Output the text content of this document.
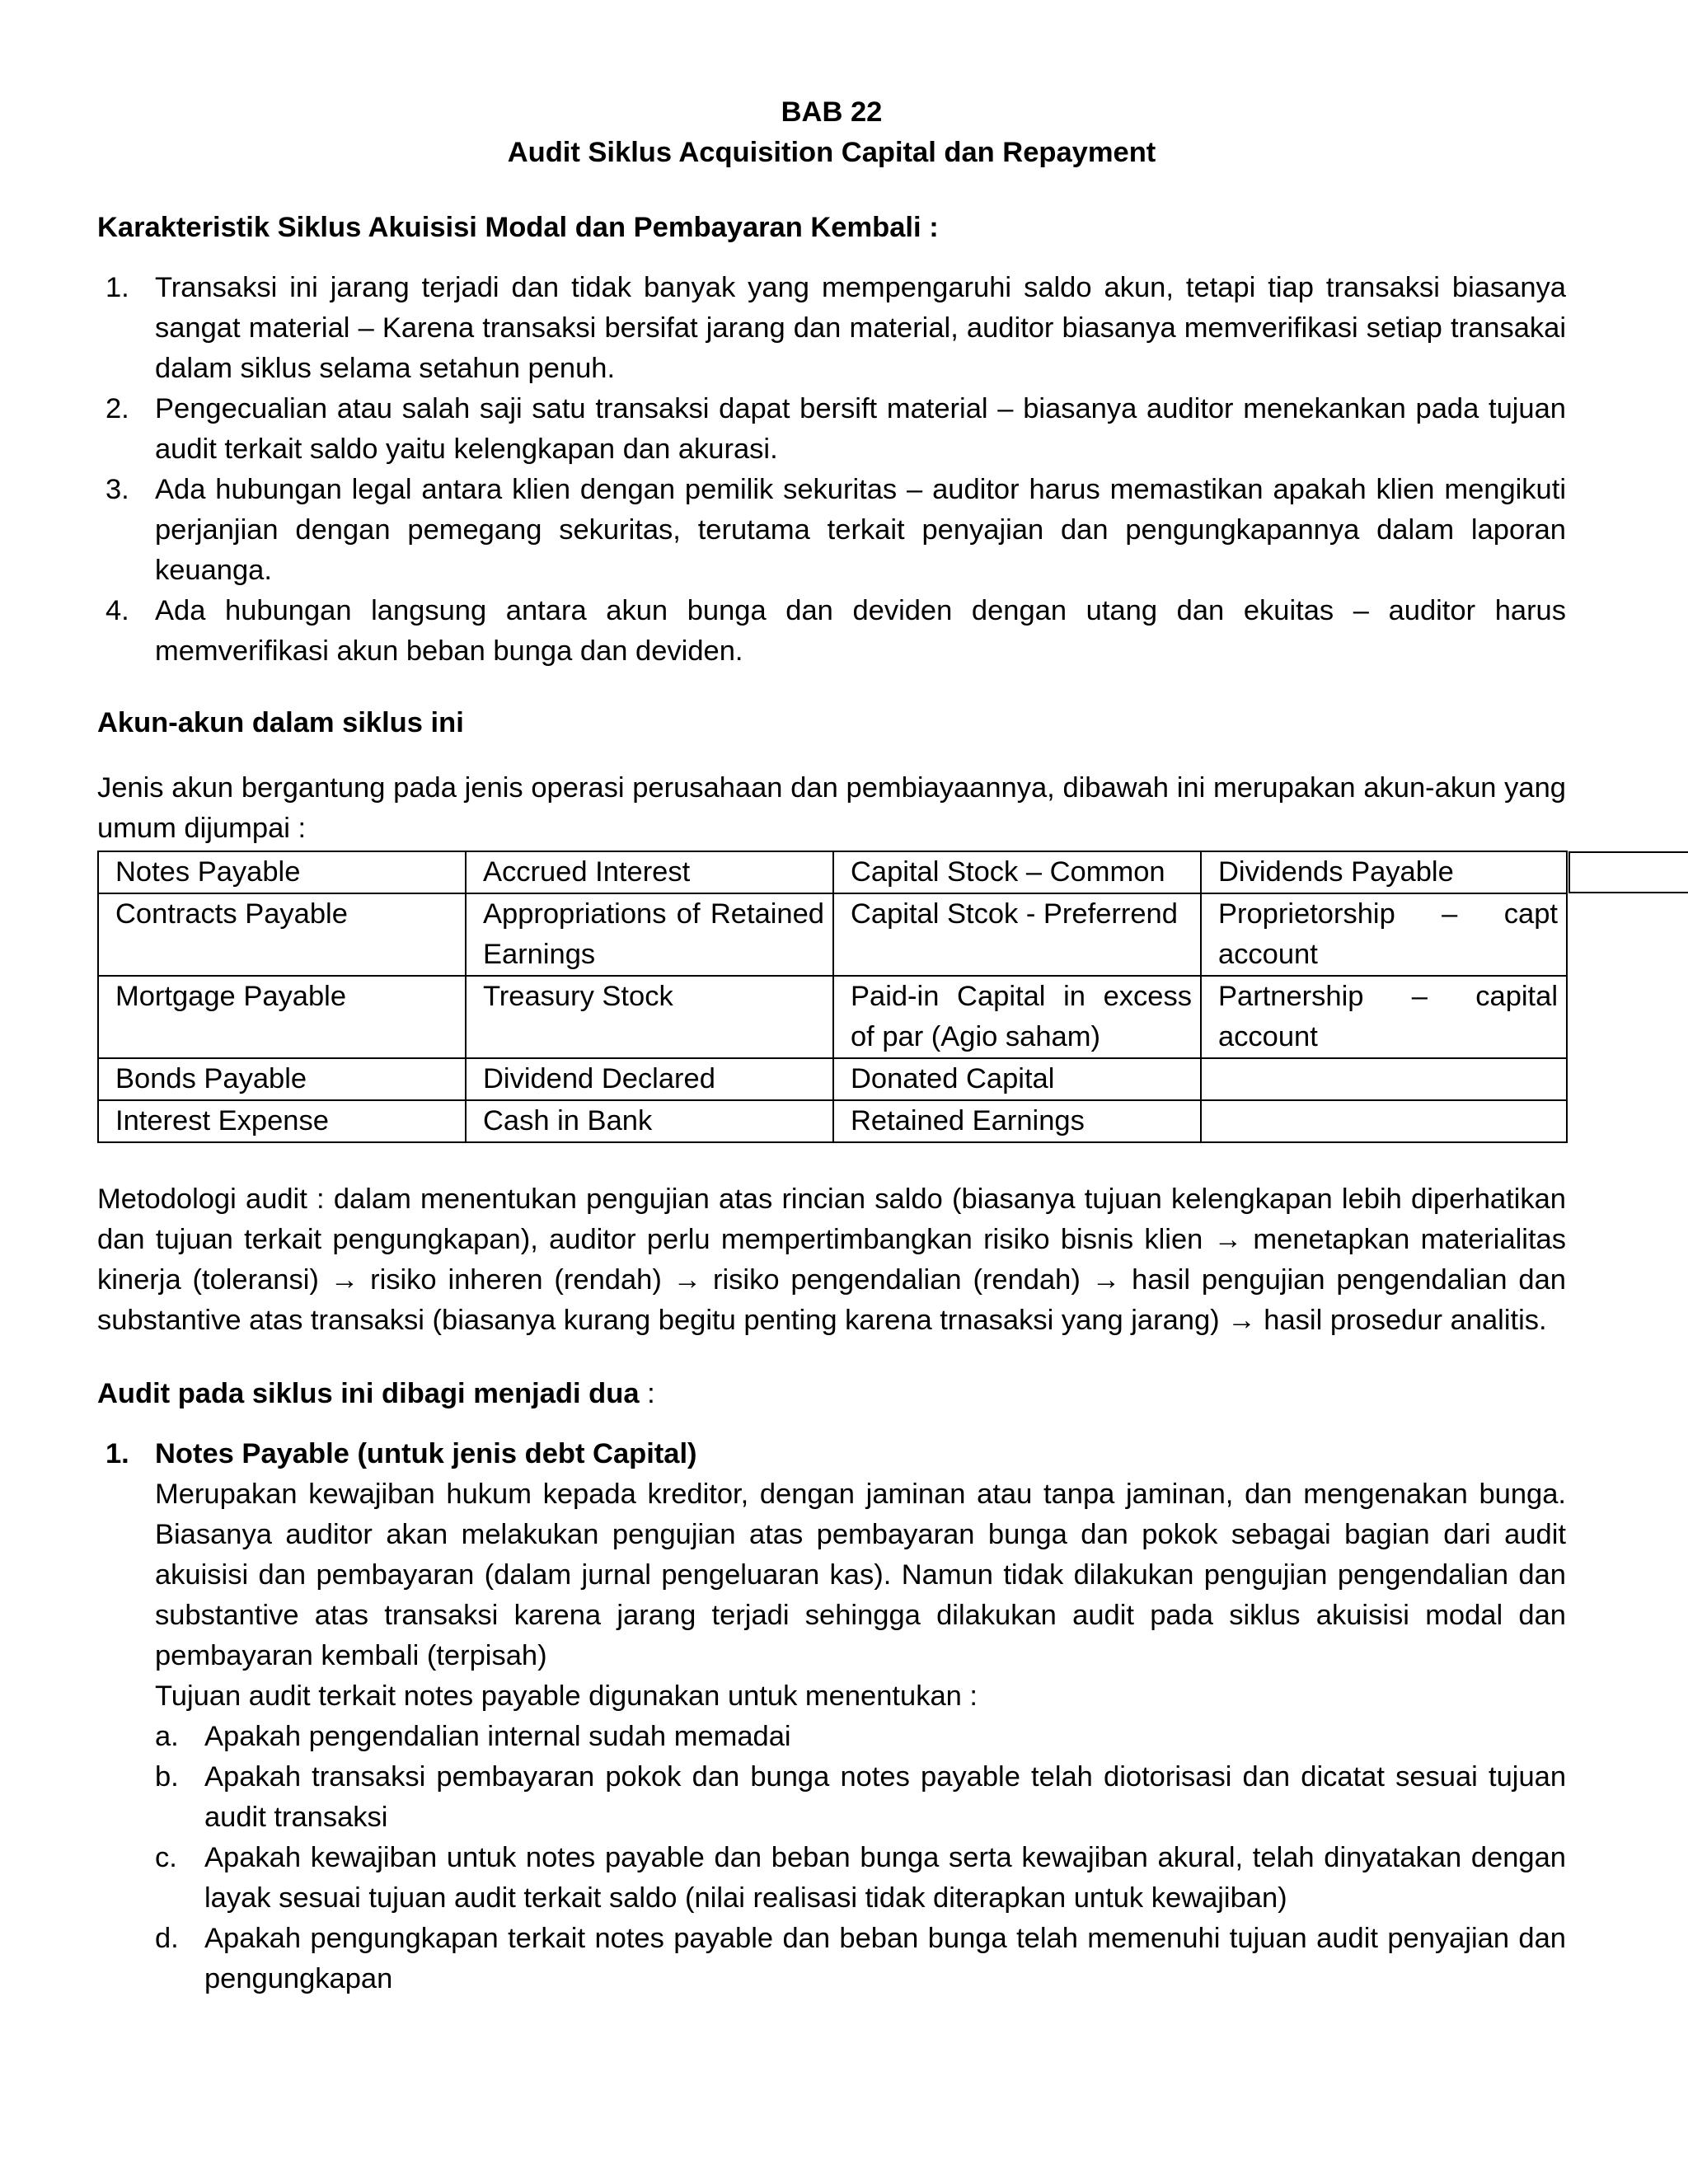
BAB 22

Audit Siklus Acquisition Capital dan Repayment

Karakteristik Siklus Akuisisi Modal dan Pembayaran Kembali :

1. Transaksi ini jarang terjadi dan tidak banyak yang mempengaruhi saldo akun, tetapi tiap transaksi biasanya sangat material – Karena transaksi bersifat jarang dan material, auditor biasanya memverifikasi setiap transakai dalam siklus selama setahun penuh.
2. Pengecualian atau salah saji satu transaksi dapat bersift material – biasanya auditor menekankan pada tujuan audit terkait saldo yaitu kelengkapan dan akurasi.
3. Ada hubungan legal antara klien dengan pemilik sekuritas – auditor harus memastikan apakah klien mengikuti perjanjian dengan pemegang sekuritas, terutama terkait penyajian dan pengungkapannya dalam laporan keuanga.
4. Ada hubungan langsung antara akun bunga dan deviden dengan utang dan ekuitas – auditor harus memverifikasi akun beban bunga dan deviden.

Akun-akun dalam siklus ini

Jenis akun bergantung pada jenis operasi perusahaan dan pembiayaannya, dibawah ini merupakan akun-akun yang umum dijumpai :

Notes Payable	Accrued Interest	Capital Stock – Common	Dividends Payable
Contracts Payable	Appropriations of Retained Earnings	Capital Stcok - Preferrend	Proprietorship – capt account
Mortgage Payable	Treasury Stock	Paid-in Capital in excess of par (Agio saham)	Partnership – capital account
Bonds Payable	Dividend Declared	Donated Capital	
Interest Expense	Cash in Bank	Retained Earnings	

Metodologi audit : dalam menentukan pengujian atas rincian saldo (biasanya tujuan kelengkapan lebih diperhatikan dan tujuan terkait pengungkapan), auditor perlu mempertimbangkan risiko bisnis klien → menetapkan materialitas kinerja (toleransi) → risiko inheren (rendah) → risiko pengendalian (rendah) → hasil pengujian pengendalian dan substantive atas transaksi (biasanya kurang begitu penting karena trnasaksi yang jarang) → hasil prosedur analitis.

Audit pada siklus ini dibagi menjadi dua :

1. Notes Payable (untuk jenis debt Capital)

Merupakan kewajiban hukum kepada kreditor, dengan jaminan atau tanpa jaminan, dan mengenakan bunga. Biasanya auditor akan melakukan pengujian atas pembayaran bunga dan pokok sebagai bagian dari audit akuisisi dan pembayaran (dalam jurnal pengeluaran kas). Namun tidak dilakukan pengujian pengendalian dan substantive atas transaksi karena jarang terjadi sehingga dilakukan audit pada siklus akuisisi modal dan pembayaran kembali (terpisah)

Tujuan audit terkait notes payable digunakan untuk menentukan :

a. Apakah pengendalian internal sudah memadai
b. Apakah transaksi pembayaran pokok dan bunga notes payable telah diotorisasi dan dicatat sesuai tujuan audit transaksi
c. Apakah kewajiban untuk notes payable dan beban bunga serta kewajiban akural, telah dinyatakan dengan layak sesuai tujuan audit terkait saldo (nilai realisasi tidak diterapkan untuk kewajiban)
d. Apakah pengungkapan terkait notes payable dan beban bunga telah memenuhi tujuan audit penyajian dan pengungkapan
